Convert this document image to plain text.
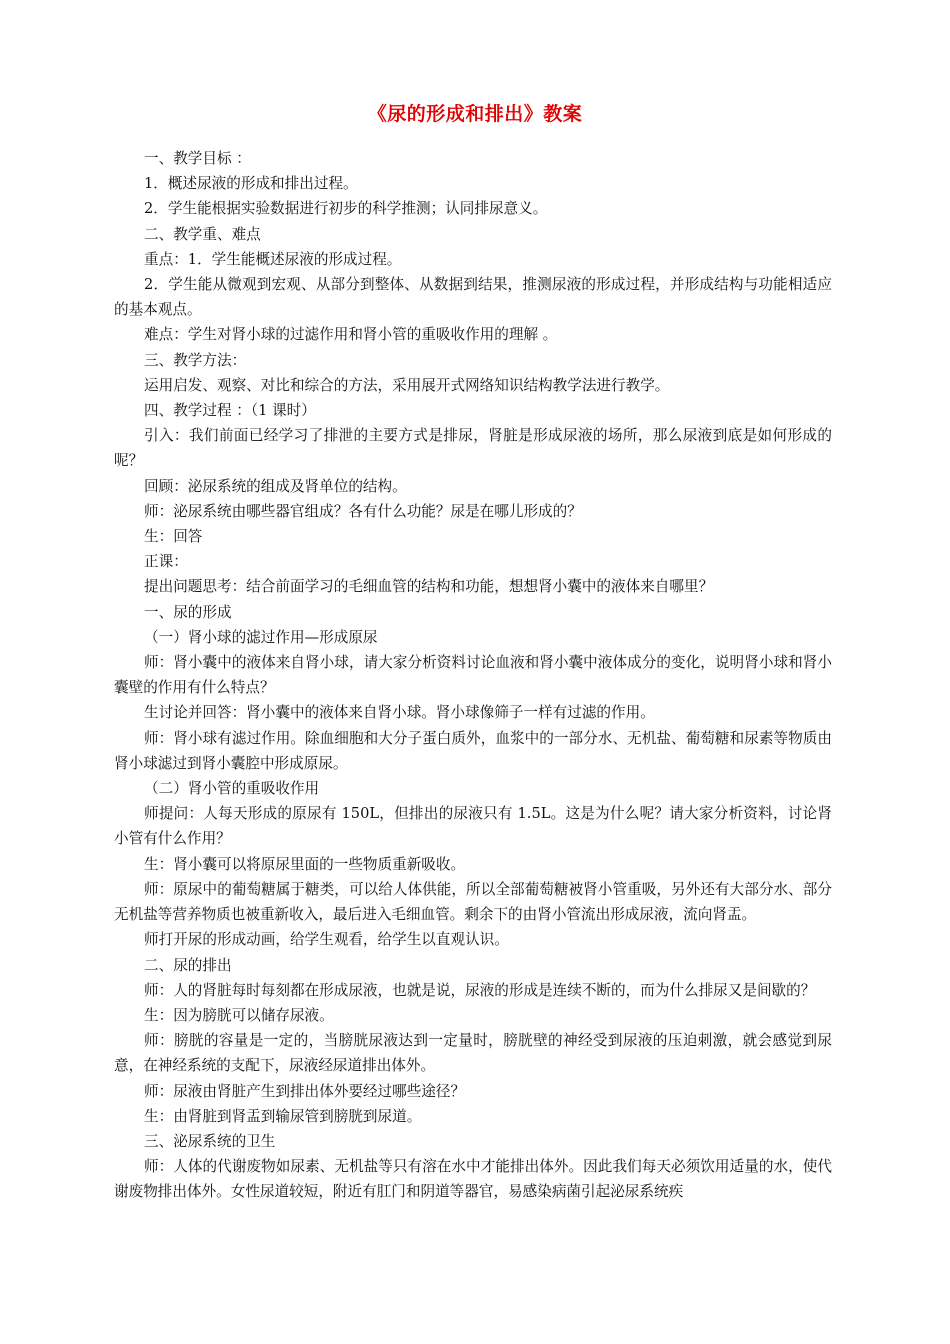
《尿的形成和排出》教案

一、教学目标 ：

1．概述尿液的形成和排出过程。

2．学生能根据实验数据进行初步的科学推测；认同排尿意义。

二、教学重、难点

重点：1．学生能概述尿液的形成过程。

2．学生能从微观到宏观、从部分到整体、从数据到结果，推测尿液的形成过程，并形成结构与功能相适应的基本观点。

难点：学生对肾小球的过滤作用和肾小管的重吸收作用的理解 。

三、教学方法：

运用启发、观察、对比和综合的方法，采用展开式网络知识结构教学法进行教学。

四、教学过程 ：（1 课时）

引入：我们前面已经学习了排泄的主要方式是排尿，肾脏是形成尿液的场所，那么尿液到底是如何形成的呢？

回顾：泌尿系统的组成及肾单位的结构。

师：泌尿系统由哪些器官组成？各有什么功能？尿是在哪儿形成的？

生：回答

正课：

提出问题思考：结合前面学习的毛细血管的结构和功能，想想肾小囊中的液体来自哪里？

一、尿的形成

（一）肾小球的滤过作用—形成原尿

师：肾小囊中的液体来自肾小球，请大家分析资料讨论血液和肾小囊中液体成分的变化，说明肾小球和肾小囊壁的作用有什么特点？

生讨论并回答：肾小囊中的液体来自肾小球。肾小球像筛子一样有过滤的作用。

师：肾小球有滤过作用。除血细胞和大分子蛋白质外，血浆中的一部分水、无机盐、葡萄糖和尿素等物质由肾小球滤过到肾小囊腔中形成原尿。

（二）肾小管的重吸收作用

师提问：人每天形成的原尿有 150L，但排出的尿液只有 1.5L。这是为什么呢？请大家分析资料，讨论肾小管有什么作用？

生：肾小囊可以将原尿里面的一些物质重新吸收。

师：原尿中的葡萄糖属于糖类，可以给人体供能，所以全部葡萄糖被肾小管重吸，另外还有大部分水、部分无机盐等营养物质也被重新收入，最后进入毛细血管。剩余下的由肾小管流出形成尿液，流向肾盂。

师打开尿的形成动画，给学生观看，给学生以直观认识。

二、尿的排出

师：人的肾脏每时每刻都在形成尿液，也就是说，尿液的形成是连续不断的，而为什么排尿又是间歇的？

生：因为膀胱可以储存尿液。

师：膀胱的容量是一定的，当膀胱尿液达到一定量时，膀胱壁的神经受到尿液的压迫刺激，就会感觉到尿意，在神经系统的支配下，尿液经尿道排出体外。

师：尿液由肾脏产生到排出体外要经过哪些途径？

生：由肾脏到肾盂到输尿管到膀胱到尿道。

三、泌尿系统的卫生

师：人体的代谢废物如尿素、无机盐等只有溶在水中才能排出体外。因此我们每天必须饮用适量的水，使代谢废物排出体外。女性尿道较短，附近有肛门和阴道等器官，易感染病菌引起泌尿系统疾
